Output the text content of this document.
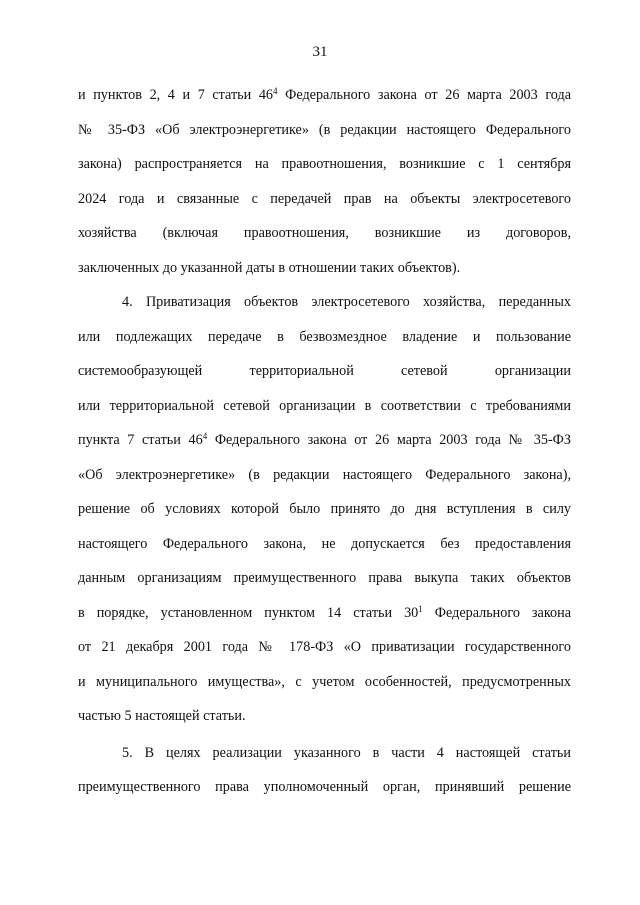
31
и пунктов 2, 4 и 7 статьи $46^4$ Федерального закона от 26 марта 2003 года
№ 35-ФЗ «Об электроэнергетике» (в редакции настоящего Федерального
закона) распространяется на правоотношения, возникшие с 1 сентября
2024 года и связанные с передачей прав на объекты электросетевого
хозяйства (включая правоотношения, возникшие из договоров,
заключенных до указанной даты в отношении таких объектов).
4. Приватизация объектов электросетевого хозяйства, переданных
или подлежащих передаче в безвозмездное владение и пользование
системообразующей территориальной сетевой организации
или территориальной сетевой организации в соответствии с требованиями
пункта 7 статьи $46^4$ Федерального закона от 26 марта 2003 года № 35-ФЗ
«Об электроэнергетике» (в редакции настоящего Федерального закона),
решение об условиях которой было принято до дня вступления в силу
настоящего Федерального закона, не допускается без предоставления
данным организациям преимущественного права выкупа таких объектов
в порядке, установленном пунктом 14 статьи $30^1$ Федерального закона
от 21 декабря 2001 года № 178-ФЗ «О приватизации государственного
и муниципального имущества», с учетом особенностей, предусмотренных
частью 5 настоящей статьи.
5. В целях реализации указанного в части 4 настоящей статьи
преимущественного права уполномоченный орган, принявший решение
